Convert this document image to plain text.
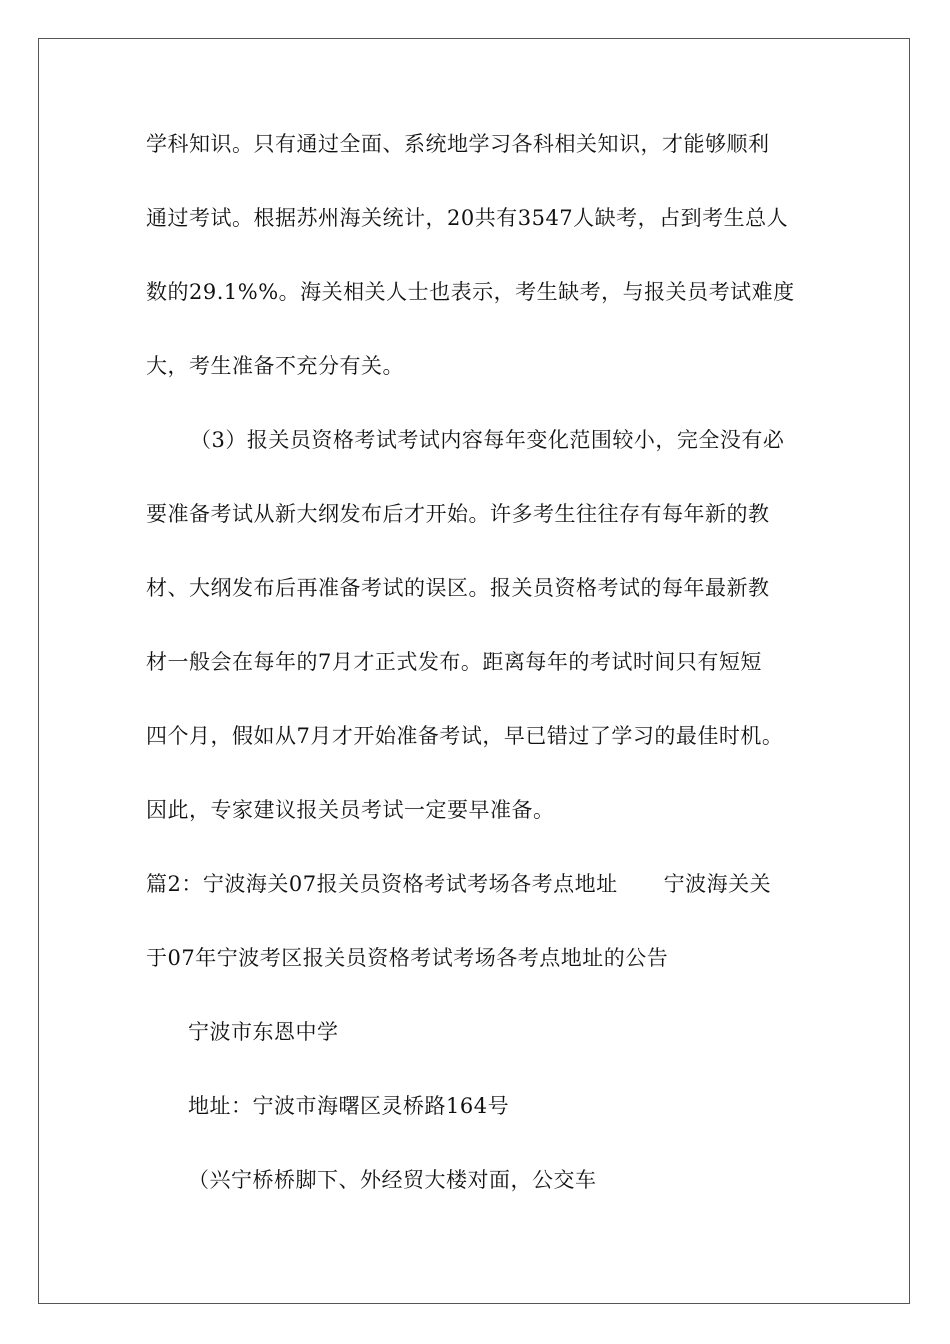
学科知识。只有通过全面、系统地学习各科相关知识，才能够顺利
通过考试。根据苏州海关统计，20共有3547人缺考，占到考生总人
数的29.1%%。海关相关人士也表示，考生缺考，与报关员考试难度
大，考生准备不充分有关。
（3）报关员资格考试考试内容每年变化范围较小，完全没有必
要准备考试从新大纲发布后才开始。许多考生往往存有每年新的教
材、大纲发布后再准备考试的误区。报关员资格考试的每年最新教
材一般会在每年的7月才正式发布。距离每年的考试时间只有短短
四个月，假如从7月才开始准备考试，早已错过了学习的最佳时机。
因此，专家建议报关员考试一定要早准备。
篇2：宁波海关07报关员资格考试考场各考点地址 宁波海关关
于07年宁波考区报关员资格考试考场各考点地址的公告
宁波市东恩中学
地址：宁波市海曙区灵桥路164号
（兴宁桥桥脚下、外经贸大楼对面，公交车
